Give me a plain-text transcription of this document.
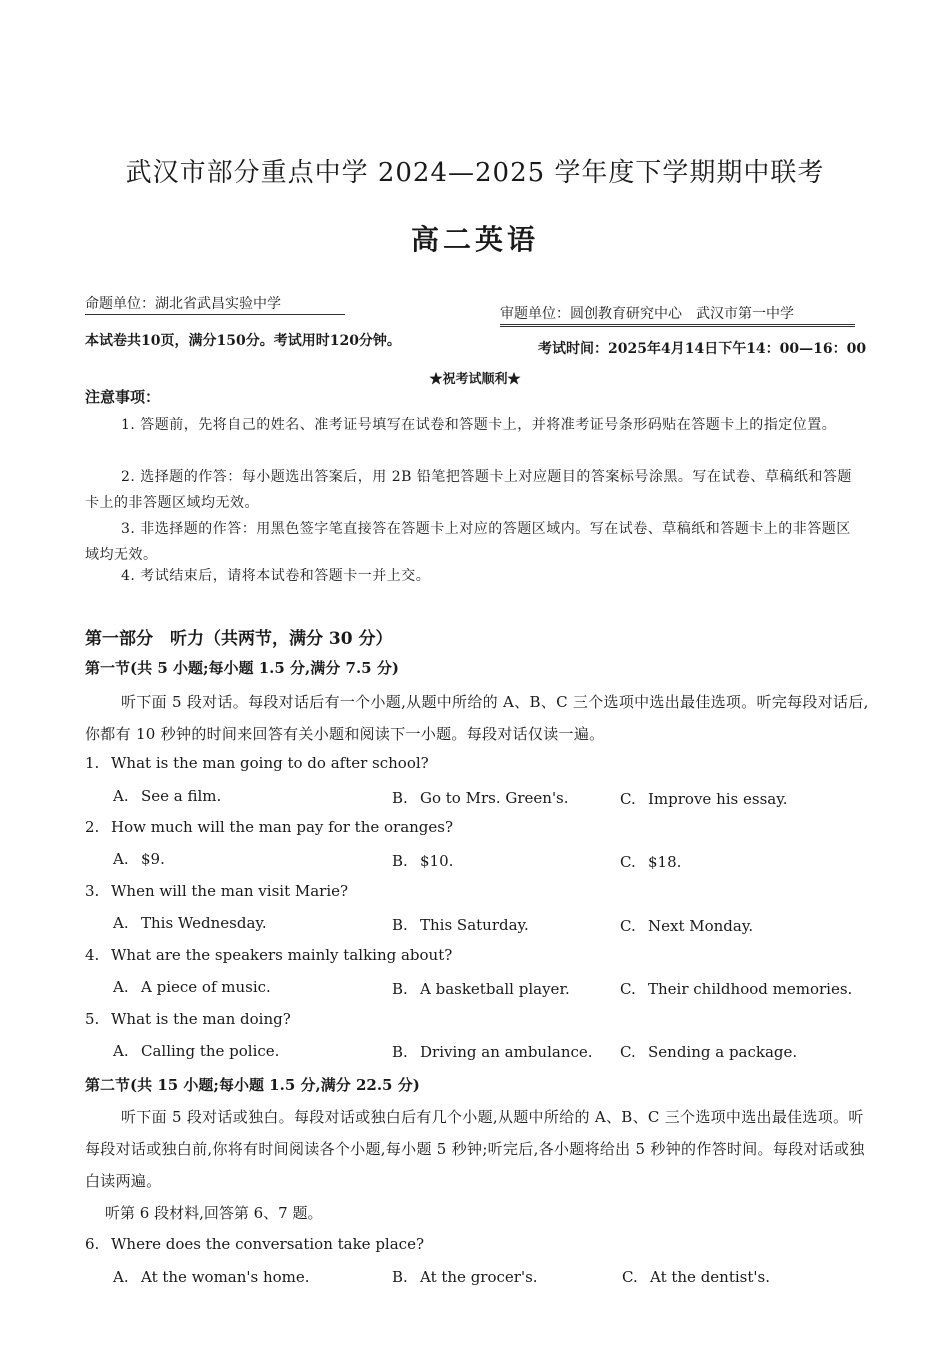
武汉市部分重点中学 2024—2025 学年度下学期期中联考
高二英语
命题单位：湖北省武昌实验中学
审题单位：圆创教育研究中心　武汉市第一中学
本试卷共10页，满分150分。考试用时120分钟。	考试时间：2025年4月14日下午14：00—16：00
★祝考试顺利★
注意事项：
1. 答题前，先将自己的姓名、准考证号填写在试卷和答题卡上，并将准考证号条形码贴在答题卡上的指定位置。
2. 选择题的作答：每小题选出答案后，用 2B 铅笔把答题卡上对应题目的答案标号涂黑。写在试卷、草稿纸和答题卡上的非答题区域均无效。
3. 非选择题的作答：用黑色签字笔直接答在答题卡上对应的答题区域内。写在试卷、草稿纸和答题卡上的非答题区域均无效。
4. 考试结束后，请将本试卷和答题卡一并上交。
第一部分　听力（共两节，满分 30 分）
第一节(共 5 小题;每小题 1.5 分,满分 7.5 分)
听下面 5 段对话。每段对话后有一个小题,从题中所给的 A、B、C 三个选项中选出最佳选项。听完每段对话后,你都有 10 秒钟的时间来回答有关小题和阅读下一小题。每段对话仅读一遍。
1. What is the man going to do after school?
A. See a film.	B. Go to Mrs. Green's.	C. Improve his essay.
2. How much will the man pay for the oranges?
A. $9.	B. $10.	C. $18.
3. When will the man visit Marie?
A. This Wednesday.	B. This Saturday.	C. Next Monday.
4. What are the speakers mainly talking about?
A. A piece of music.	B. A basketball player.	C. Their childhood memories.
5. What is the man doing?
A. Calling the police.	B. Driving an ambulance. C. Sending a package.
第二节(共 15 小题;每小题 1.5 分,满分 22.5 分)
听下面 5 段对话或独白。每段对话或独白后有几个小题,从题中所给的 A、B、C 三个选项中选出最佳选项。听每段对话或独白前,你将有时间阅读各个小题,每小题 5 秒钟;听完后,各小题将给出 5 秒钟的作答时间。每段对话或独白读两遍。
听第 6 段材料,回答第 6、7 题。
6. Where does the conversation take place?
A. At the woman's home.	B. At the grocer's.	C. At the dentist's.
